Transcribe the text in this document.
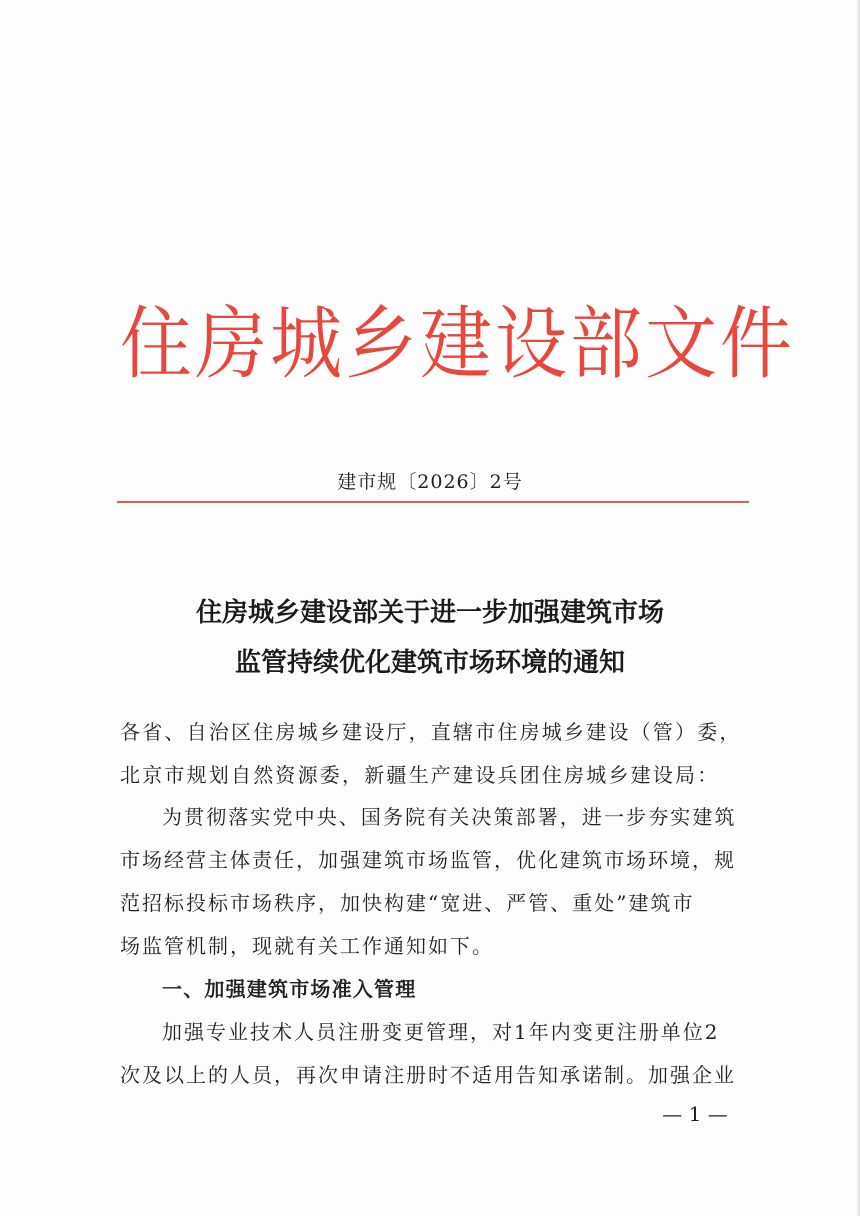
住房城乡建设部文件
建市规〔2026〕2号
住房城乡建设部关于进一步加强建筑市场
监管持续优化建筑市场环境的通知
各省、自治区住房城乡建设厅，直辖市住房城乡建设（管）委，
北京市规划自然资源委，新疆生产建设兵团住房城乡建设局：
为贯彻落实党中央、国务院有关决策部署，进一步夯实建筑
市场经营主体责任，加强建筑市场监管，优化建筑市场环境，规
范招标投标市场秩序，加快构建“宽进、严管、重处”建筑市
场监管机制，现就有关工作通知如下。
一、加强建筑市场准入管理
加强专业技术人员注册变更管理，对1年内变更注册单位2
次及以上的人员，再次申请注册时不适用告知承诺制。加强企业
— 1 —
